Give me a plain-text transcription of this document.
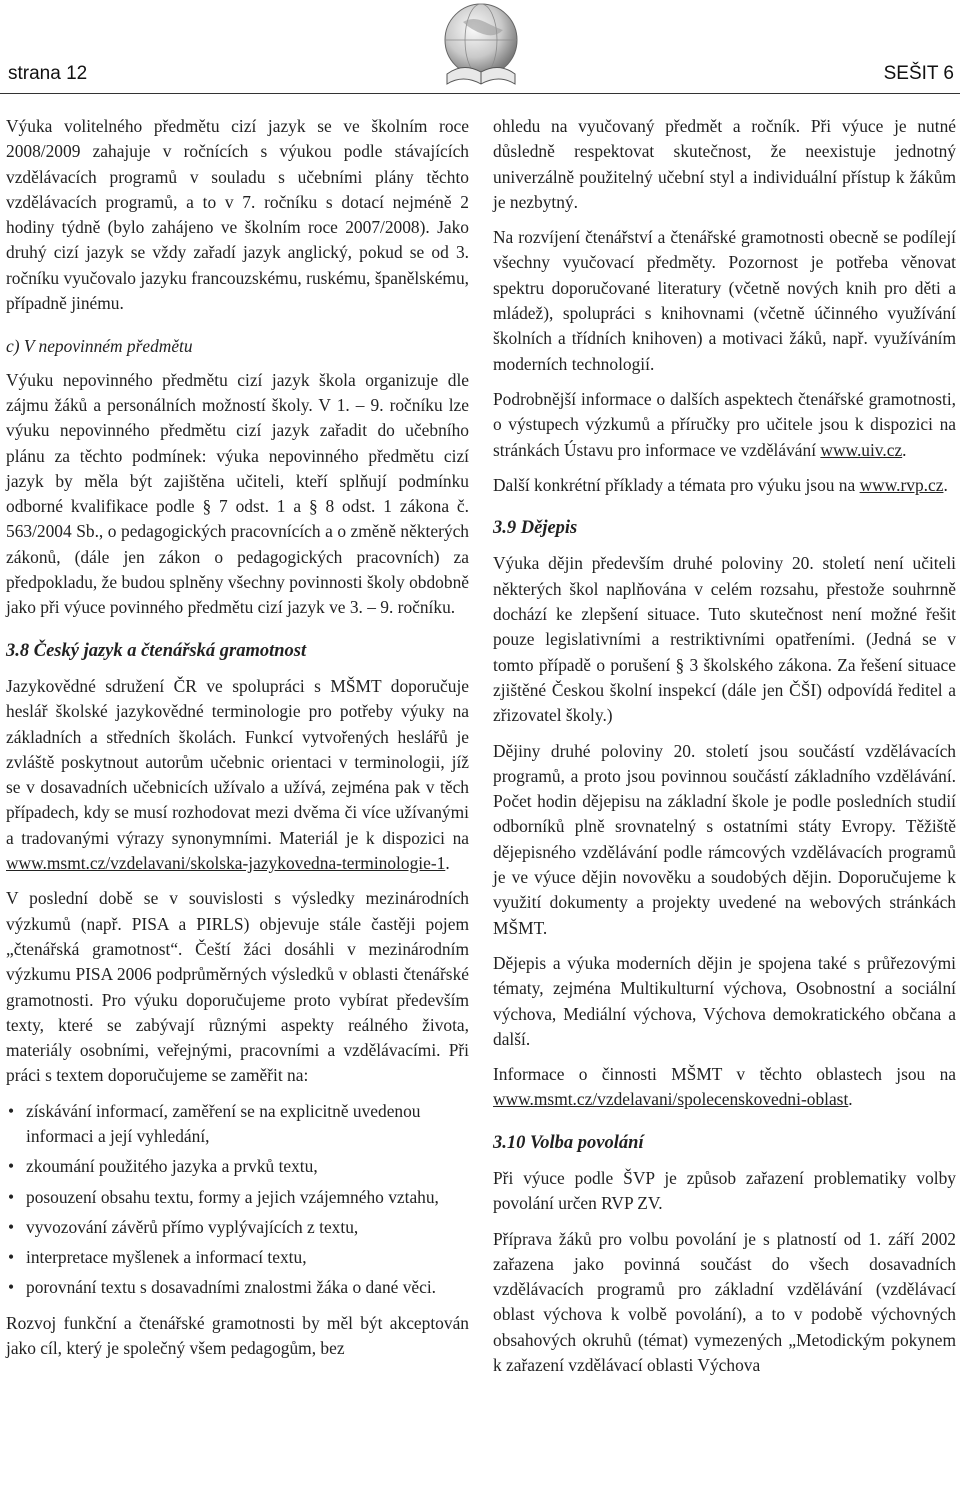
strana 12	SEŠIT 6

Výuka volitelného předmětu cizí jazyk se ve školním roce 2008/2009 zahajuje v ročnících s výukou podle stávajících vzdělávacích programů v souladu s učebními plány těchto vzdělávacích programů, a to v 7. ročníku s dotací nejméně 2 hodiny týdně (bylo zahájeno ve školním roce 2007/2008). Jako druhý cizí jazyk se vždy zařadí jazyk anglický, pokud se od 3. ročníku vyučovalo jazyku francouzskému, ruskému, španělskému, případně jinému.

c) V nepovinném předmětu

Výuku nepovinného předmětu cizí jazyk škola organizuje dle zájmu žáků a personálních možností školy. V 1. – 9. ročníku lze výuku nepovinného předmětu cizí jazyk zařadit do učebního plánu za těchto podmínek: výuka nepovinného předmětu cizí jazyk by měla být zajištěna učiteli, kteří splňují podmínku odborné kvalifikace podle § 7 odst. 1 a § 8 odst. 1 zákona č. 563/2004 Sb., o pedagogických pracovnících a o změně některých zákonů, (dále jen zákon o pedagogických pracovních) za předpokladu, že budou splněny všechny povinnosti školy obdobně jako při výuce povinného předmětu cizí jazyk ve 3. – 9. ročníku.

3.8 Český jazyk a čtenářská gramotnost

Jazykovědné sdružení ČR ve spolupráci s MŠMT doporučuje heslář školské jazykovědné terminologie pro potřeby výuky na základních a středních školách. Funkcí vytvořených heslářů je zvláště poskytnout autorům učebnic orientaci v terminologii, jíž se v dosavadních učebnicích užívalo a užívá, zejména pak v těch případech, kdy se musí rozhodovat mezi dvěma či více užívanými a tradovanými výrazy synonymními. Materiál je k dispozici na www.msmt.cz/vzdelavani/skolska-jazykovedna-terminologie-1.

V poslední době se v souvislosti s výsledky mezinárodních výzkumů (např. PISA a PIRLS) objevuje stále častěji pojem „čtenářská gramotnost“. Čeští žáci dosáhli v mezinárodním výzkumu PISA 2006 podprůměrných výsledků v oblasti čtenářské gramotnosti. Pro výuku doporučujeme proto vybírat především texty, které se zabývají různými aspekty reálného života, materiály osobními, veřejnými, pracovními a vzdělávacími. Při práci s textem doporučujeme se zaměřit na:

• získávání informací, zaměření se na explicitně uvedenou informaci a její vyhledání,
• zkoumání použitého jazyka a prvků textu,
• posouzení obsahu textu, formy a jejich vzájemného vztahu,
• vyvozování závěrů přímo vyplývajících z textu,
• interpretace myšlenek a informací textu,
• porovnání textu s dosavadními znalostmi žáka o dané věci.

Rozvoj funkční a čtenářské gramotnosti by měl být akceptován jako cíl, který je společný všem pedagogům, bez

ohledu na vyučovaný předmět a ročník. Při výuce je nutné důsledně respektovat skutečnost, že neexistuje jednotný univerzálně použitelný učební styl a individuální přístup k žákům je nezbytný.

Na rozvíjení čtenářství a čtenářské gramotnosti obecně se podílejí všechny vyučovací předměty. Pozornost je potřeba věnovat spektru doporučované literatury (včetně nových knih pro děti a mládež), spolupráci s knihovnami (včetně účinného využívání školních a třídních knihoven) a motivaci žáků, např. využíváním moderních technologií.

Podrobnější informace o dalších aspektech čtenářské gramotnosti, o výstupech výzkumů a příručky pro učitele jsou k dispozici na stránkách Ústavu pro informace ve vzdělávání www.uiv.cz.

Další konkrétní příklady a témata pro výuku jsou na www.rvp.cz.

3.9 Dějepis

Výuka dějin především druhé poloviny 20. století není učiteli některých škol naplňována v celém rozsahu, přestože souhrnně dochází ke zlepšení situace. Tuto skutečnost není možné řešit pouze legislativními a restriktivními opatřeními. (Jedná se v tomto případě o porušení § 3 školského zákona. Za řešení situace zjištěné Českou školní inspekcí (dále jen ČŠI) odpovídá ředitel a zřizovatel školy.)

Dějiny druhé poloviny 20. století jsou součástí vzdělávacích programů, a proto jsou povinnou součástí základního vzdělávání. Počet hodin dějepisu na základní škole je podle posledních studií odborníků plně srovnatelný s ostatními státy Evropy. Těžiště dějepisného vzdělávání podle rámcových vzdělávacích programů je ve výuce dějin novověku a soudobých dějin. Doporučujeme k využití dokumenty a projekty uvedené na webových stránkách MŠMT.

Dějepis a výuka moderních dějin je spojena také s průřezovými tématy, zejména Multikulturní výchova, Osobnostní a sociální výchova, Mediální výchova, Výchova demokratického občana a další.

Informace o činnosti MŠMT v těchto oblastech jsou na www.msmt.cz/vzdelavani/spolecenskovedni-oblast.

3.10 Volba povolání

Při výuce podle ŠVP je způsob zařazení problematiky volby povolání určen RVP ZV.

Příprava žáků pro volbu povolání je s platností od 1. září 2002 zařazena jako povinná součást do všech dosavadních vzdělávacích programů pro základní vzdělávání (vzdělávací oblast výchova k volbě povolání), a to v podobě výchovných obsahových okruhů (témat) vymezených „Metodickým pokynem k zařazení vzdělávací oblasti Výchova
